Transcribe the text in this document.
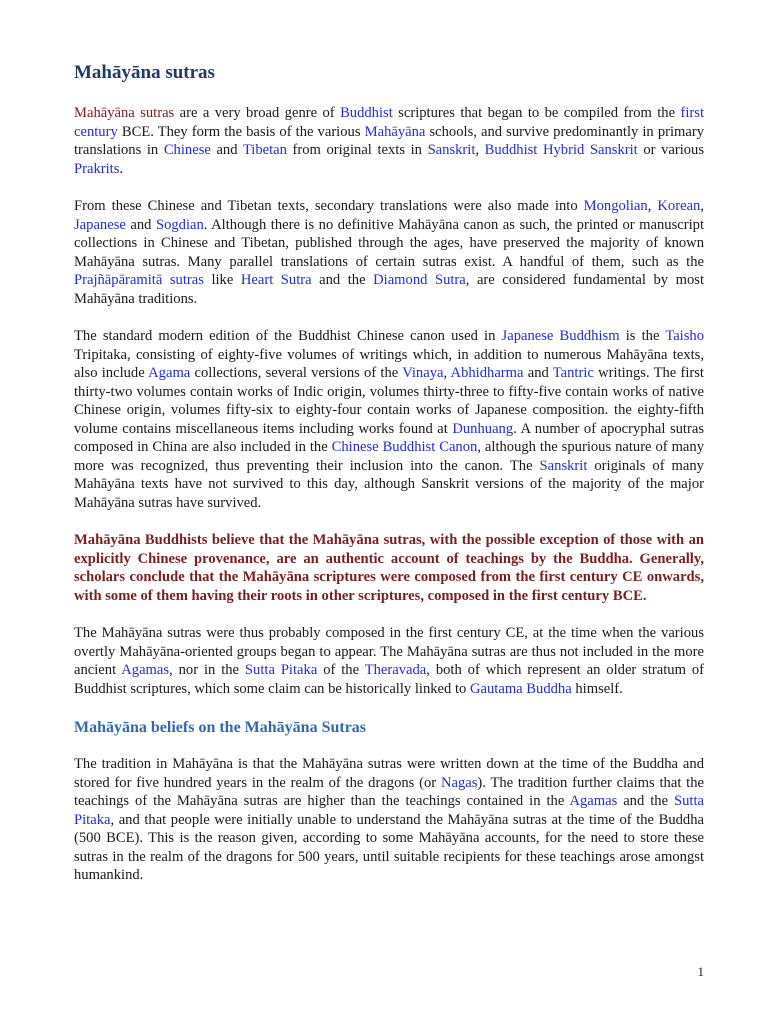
Mahāyāna sutras

Mahāyāna sutras are a very broad genre of Buddhist scriptures that began to be compiled from the first century BCE. They form the basis of the various Mahāyāna schools, and survive predominantly in primary translations in Chinese and Tibetan from original texts in Sanskrit, Buddhist Hybrid Sanskrit or various Prakrits.

From these Chinese and Tibetan texts, secondary translations were also made into Mongolian, Korean, Japanese and Sogdian. Although there is no definitive Mahāyāna canon as such, the printed or manuscript collections in Chinese and Tibetan, published through the ages, have preserved the majority of known Mahāyāna sutras. Many parallel translations of certain sutras exist. A handful of them, such as the Prajñāpāramitā sutras like Heart Sutra and the Diamond Sutra, are considered fundamental by most Mahāyāna traditions.

The standard modern edition of the Buddhist Chinese canon used in Japanese Buddhism is the Taisho Tripitaka, consisting of eighty-five volumes of writings which, in addition to numerous Mahāyāna texts, also include Agama collections, several versions of the Vinaya, Abhidharma and Tantric writings. The first thirty-two volumes contain works of Indic origin, volumes thirty-three to fifty-five contain works of native Chinese origin, volumes fifty-six to eighty-four contain works of Japanese composition. the eighty-fifth volume contains miscellaneous items including works found at Dunhuang. A number of apocryphal sutras composed in China are also included in the Chinese Buddhist Canon, although the spurious nature of many more was recognized, thus preventing their inclusion into the canon. The Sanskrit originals of many Mahāyāna texts have not survived to this day, although Sanskrit versions of the majority of the major Mahāyāna sutras have survived.

Mahāyāna Buddhists believe that the Mahāyāna sutras, with the possible exception of those with an explicitly Chinese provenance, are an authentic account of teachings by the Buddha. Generally, scholars conclude that the Mahāyāna scriptures were composed from the first century CE onwards, with some of them having their roots in other scriptures, composed in the first century BCE.

The Mahāyāna sutras were thus probably composed in the first century CE, at the time when the various overtly Mahāyāna-oriented groups began to appear. The Mahāyāna sutras are thus not included in the more ancient Agamas, nor in the Sutta Pitaka of the Theravada, both of which represent an older stratum of Buddhist scriptures, which some claim can be historically linked to Gautama Buddha himself.

Mahāyāna beliefs on the Mahāyāna Sutras

The tradition in Mahāyāna is that the Mahāyāna sutras were written down at the time of the Buddha and stored for five hundred years in the realm of the dragons (or Nagas). The tradition further claims that the teachings of the Mahāyāna sutras are higher than the teachings contained in the Agamas and the Sutta Pitaka, and that people were initially unable to understand the Mahāyāna sutras at the time of the Buddha (500 BCE). This is the reason given, according to some Mahāyāna accounts, for the need to store these sutras in the realm of the dragons for 500 years, until suitable recipients for these teachings arose amongst humankind.

1
